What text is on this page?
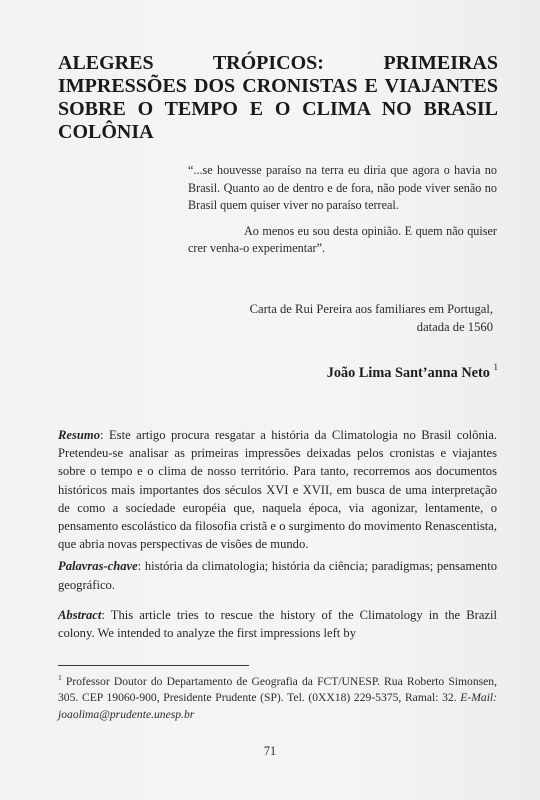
ALEGRES TRÓPICOS: PRIMEIRAS
IMPRESSÕES DOS CRONISTAS E VIAJANTES
SOBRE O TEMPO E O CLIMA NO BRASIL
COLÔNIA

“...se houvesse paraíso na terra eu diria que agora o havia no Brasil. Quanto ao de dentro e de fora, não pode viver senão no Brasil quem quiser viver no paraíso terreal.

Ao menos eu sou desta opinião. E quem não quiser crer venha-o experimentar”.

Carta de Rui Pereira aos familiares em Portugal,
datada de 1560
João Lima Sant’anna Neto $^1$

Resumo: Este artigo procura resgatar a história da Climatologia no Brasil colônia. Pretendeu-se analisar as primeiras impressões deixadas pelos cronistas e viajantes sobre o tempo e o clima de nosso território. Para tanto, recorremos aos documentos históricos mais importantes dos séculos XVI e XVII, em busca de uma interpretação de como a sociedade européia que, naquela época, via agonizar, lentamente, o pensamento escolástico da filosofia cristã e o surgimento do movimento Renascentista, que abria novas perspectivas de visões de mundo.

Palavras-chave: história da climatologia; história da ciência; paradigmas; pensamento geográfico.

Abstract: This article tries to rescue the history of the Climatology in the Brazil colony. We intended to analyze the first impressions left by

$^1$ Professor Doutor do Departamento de Geografia da FCT/UNESP. Rua Roberto Simonsen, 305. CEP 19060-900, Presidente Prudente (SP). Tel. (0XX18) 229-5375, Ramal: 32. E-Mail: joaolima@prudente.unesp.br
71
